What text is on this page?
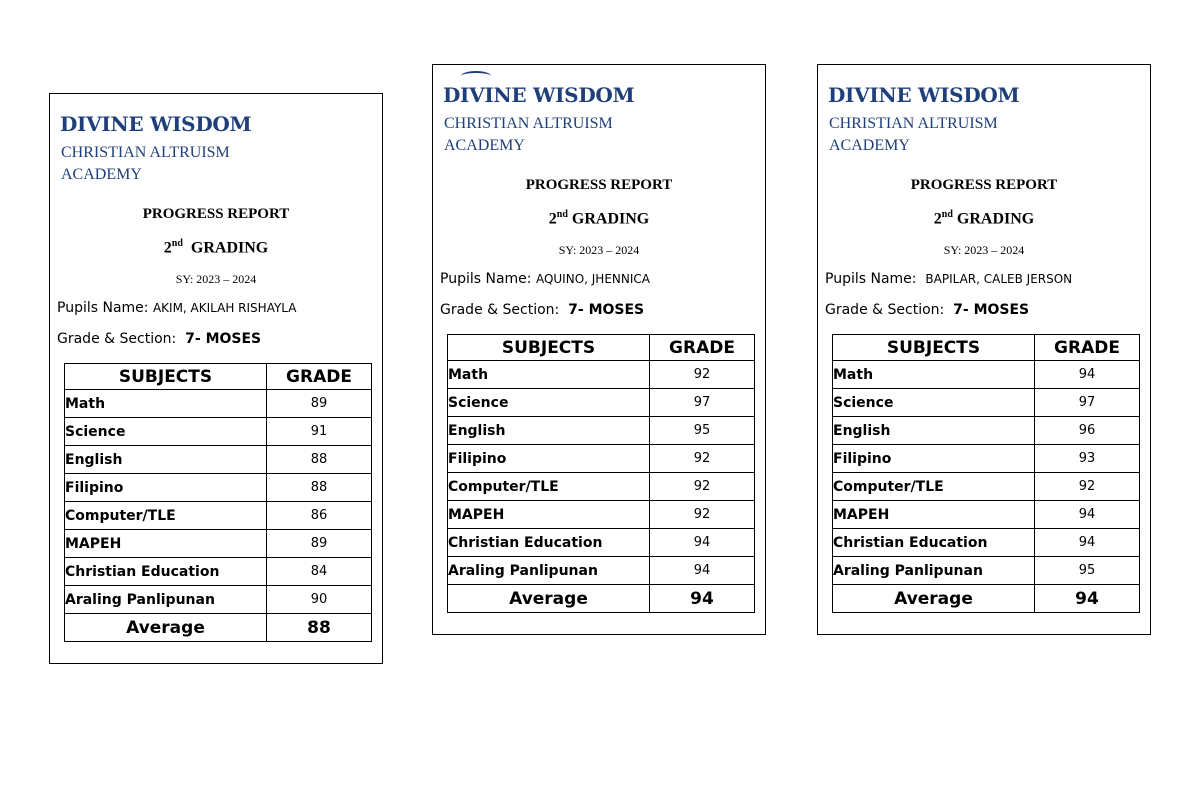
DIVINE WISDOM
CHRISTIAN ALTRUISM
ACADEMY
PROGRESS REPORT
2nd GRADING
SY: 2023 – 2024
Pupils Name: AKIM, AKILAH RISHAYLA
Grade & Section: 7- MOSES
SUBJECTS	GRADE
Math	89
Science	91
English	88
Filipino	88
Computer/TLE	86
MAPEH	89
Christian Education	84
Araling Panlipunan	90
Average	88
DIVINE WISDOM
CHRISTIAN ALTRUISM
ACADEMY
PROGRESS REPORT
2nd GRADING
SY: 2023 – 2024
Pupils Name: AQUINO, JHENNICA
Grade & Section: 7- MOSES
SUBJECTS	GRADE
Math	92
Science	97
English	95
Filipino	92
Computer/TLE	92
MAPEH	92
Christian Education	94
Araling Panlipunan	94
Average	94
DIVINE WISDOM
CHRISTIAN ALTRUISM
ACADEMY
PROGRESS REPORT
2nd GRADING
SY: 2023 – 2024
Pupils Name: BAPILAR, CALEB JERSON
Grade & Section: 7- MOSES
SUBJECTS	GRADE
Math	94
Science	97
English	96
Filipino	93
Computer/TLE	92
MAPEH	94
Christian Education	94
Araling Panlipunan	95
Average	94
